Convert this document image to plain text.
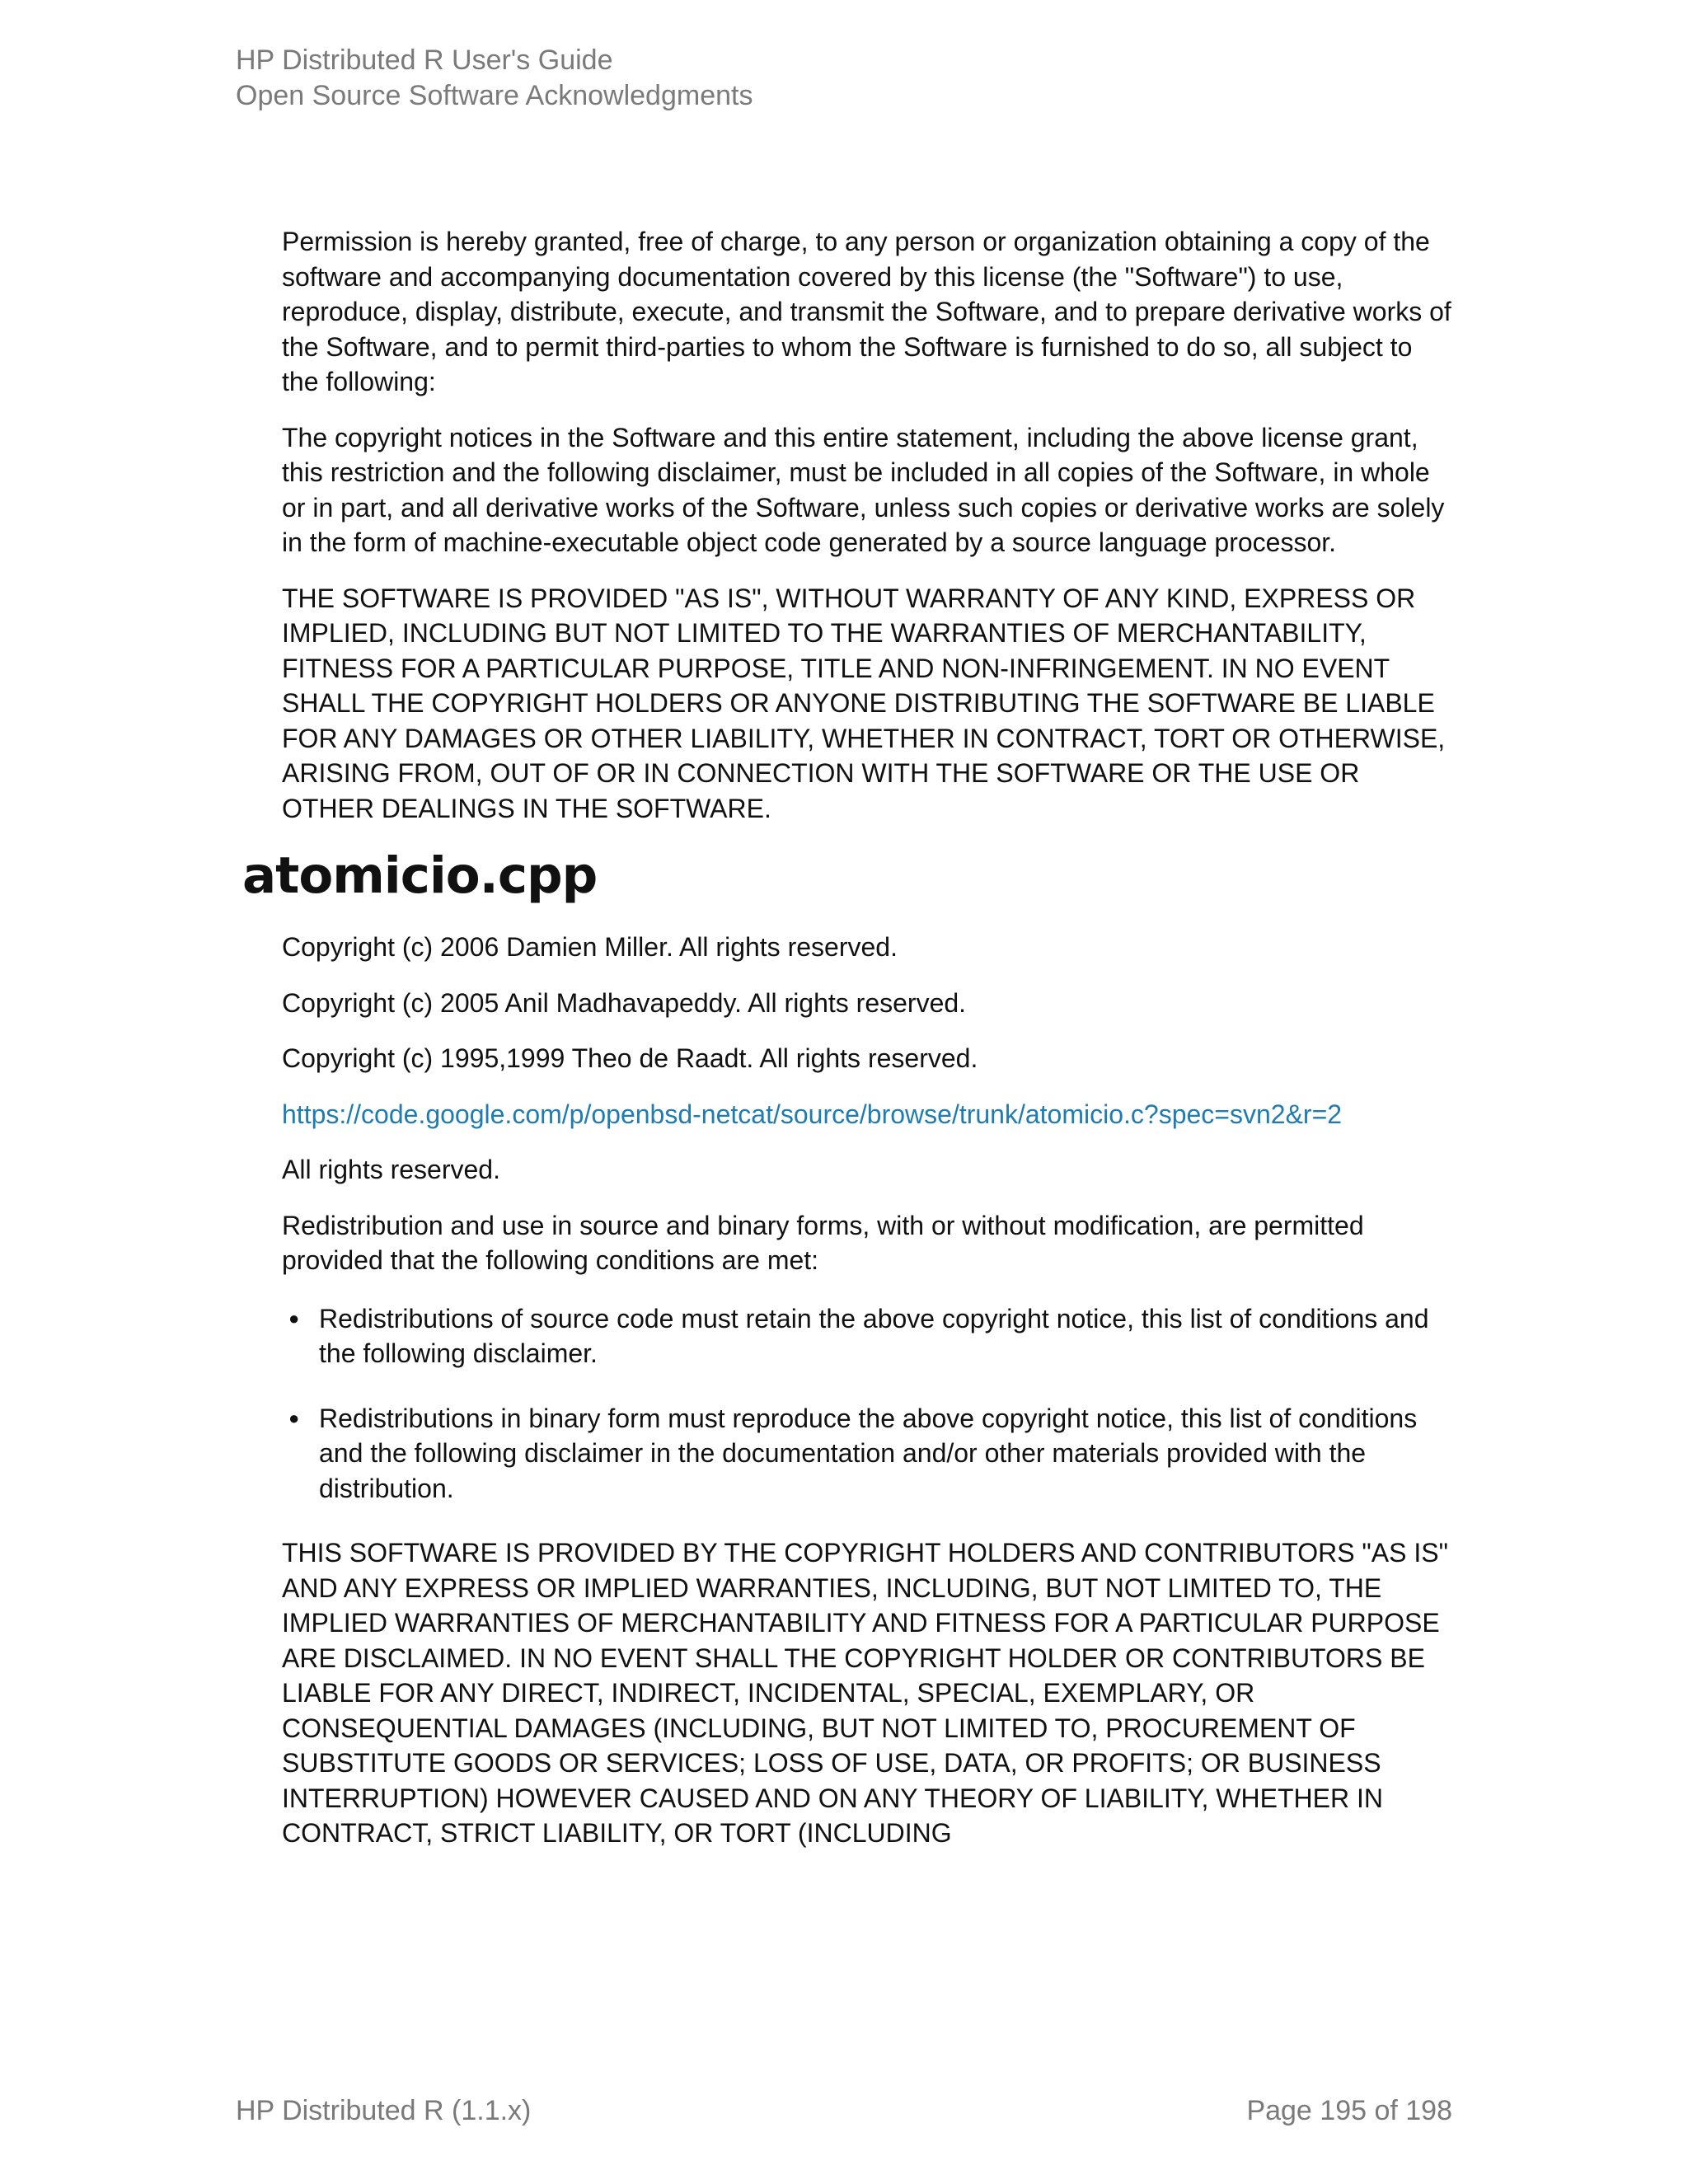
HP Distributed R User's Guide
Open Source Software Acknowledgments

Permission is hereby granted, free of charge, to any person or organization obtaining a copy of the software and accompanying documentation covered by this license (the "Software") to use, reproduce, display, distribute, execute, and transmit the Software, and to prepare derivative works of the Software, and to permit third-parties to whom the Software is furnished to do so, all subject to the following:

The copyright notices in the Software and this entire statement, including the above license grant, this restriction and the following disclaimer, must be included in all copies of the Software, in whole or in part, and all derivative works of the Software, unless such copies or derivative works are solely in the form of machine-executable object code generated by a source language processor.

THE SOFTWARE IS PROVIDED "AS IS", WITHOUT WARRANTY OF ANY KIND, EXPRESS OR IMPLIED, INCLUDING BUT NOT LIMITED TO THE WARRANTIES OF MERCHANTABILITY, FITNESS FOR A PARTICULAR PURPOSE, TITLE AND NON-INFRINGEMENT. IN NO EVENT SHALL THE COPYRIGHT HOLDERS OR ANYONE DISTRIBUTING THE SOFTWARE BE LIABLE FOR ANY DAMAGES OR OTHER LIABILITY, WHETHER IN CONTRACT, TORT OR OTHERWISE, ARISING FROM, OUT OF OR IN CONNECTION WITH THE SOFTWARE OR THE USE OR OTHER DEALINGS IN THE SOFTWARE.

atomicio.cpp

Copyright (c) 2006 Damien Miller. All rights reserved.

Copyright (c) 2005 Anil Madhavapeddy. All rights reserved.

Copyright (c) 1995,1999 Theo de Raadt. All rights reserved.

https://code.google.com/p/openbsd-netcat/source/browse/trunk/atomicio.c?spec=svn2&r=2

All rights reserved.

Redistribution and use in source and binary forms, with or without modification, are permitted provided that the following conditions are met:

● Redistributions of source code must retain the above copyright notice, this list of conditions and the following disclaimer.
● Redistributions in binary form must reproduce the above copyright notice, this list of conditions and the following disclaimer in the documentation and/or other materials provided with the distribution.

THIS SOFTWARE IS PROVIDED BY THE COPYRIGHT HOLDERS AND CONTRIBUTORS "AS IS" AND ANY EXPRESS OR IMPLIED WARRANTIES, INCLUDING, BUT NOT LIMITED TO, THE IMPLIED WARRANTIES OF MERCHANTABILITY AND FITNESS FOR A PARTICULAR PURPOSE ARE DISCLAIMED. IN NO EVENT SHALL THE COPYRIGHT HOLDER OR CONTRIBUTORS BE LIABLE FOR ANY DIRECT, INDIRECT, INCIDENTAL, SPECIAL, EXEMPLARY, OR CONSEQUENTIAL DAMAGES (INCLUDING, BUT NOT LIMITED TO, PROCUREMENT OF SUBSTITUTE GOODS OR SERVICES; LOSS OF USE, DATA, OR PROFITS; OR BUSINESS INTERRUPTION) HOWEVER CAUSED AND ON ANY THEORY OF LIABILITY, WHETHER IN CONTRACT, STRICT LIABILITY, OR TORT (INCLUDING

HP Distributed R (1.1.x)	Page 195 of 198
